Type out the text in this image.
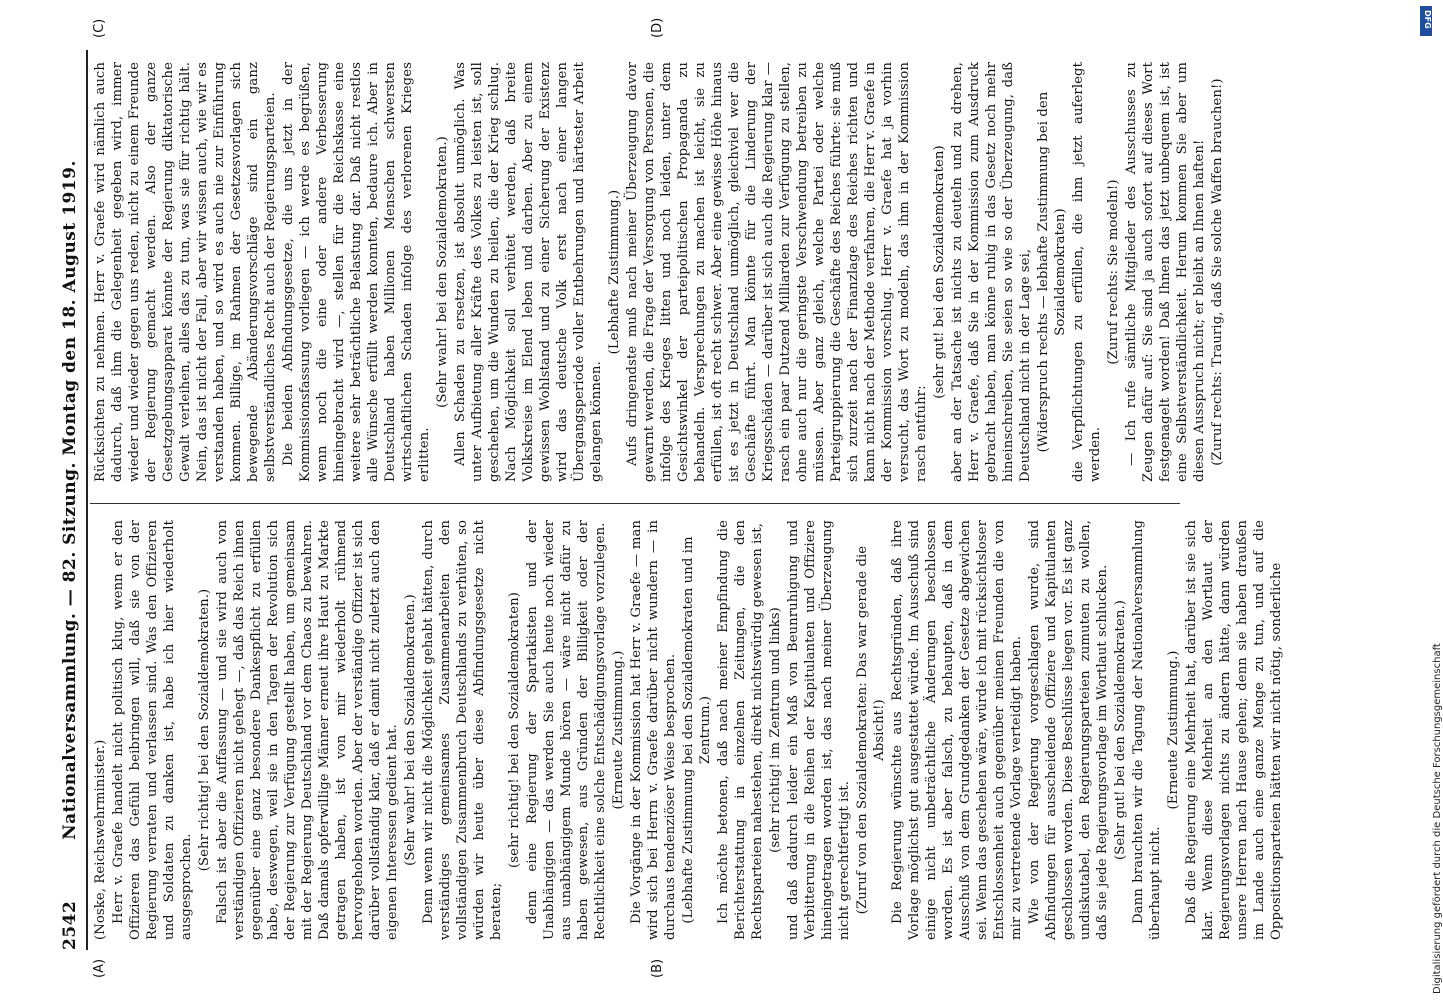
2542
Nationalversammlung. — 82. Sitzung. Montag den 18. August 1919.
(A)	(B)
(C)	(D)

(Noske, Reichswehrminister.) Herr v. Graefe handelt nicht politisch klug, wenn er den Offizieren das Gefühl beibringen will, daß sie von der Regierung verraten und verlassen sind. Was den Offizieren und Soldaten zu danken ist, habe ich hier wiederholt ausgesprochen.

(Sehr richtig! bei den Sozialdemokraten.) Falsch ist aber die Auffassung — und sie wird auch von verständigen Offizieren nicht gehegt —, daß das Reich ihnen gegenüber eine ganz besondere Dankespflicht zu erfüllen habe, deswegen, weil sie in den Tagen der Revolution sich der Regierung zur Verfügung gestellt haben, um gemeinsam mit der Regierung Deutschland vor dem Chaos zu bewahren. Daß damals opferwillige Männer erneut ihre Haut zu Markte getragen haben, ist von mir wiederholt rühmend hervorgehoben worden. Aber der verständige Offizier ist sich darüber vollständig klar, daß er damit nicht zuletzt auch den eigenen Interessen gedient hat. (Sehr wahr! bei den Sozialdemokraten.) Denn wenn wir nicht die Möglichkeit gehabt hätten, durch verständiges gemeinsames Zusammenarbeiten den vollständigen Zusammenbruch Deutschlands zu verhüten, so würden wir heute über diese Abfindungsgesetze nicht beraten;

(sehr richtig! bei den Sozialdemokraten) denn eine Regierung der Spartakisten und der Unabhängigen — das werden Sie auch heute noch wieder aus unabhängigem Munde hören — wäre nicht dafür zu haben gewesen, aus Gründen der Billigkeit oder der Rechtlichkeit eine solche Entschädigungsvorlage vorzulegen. (Erneute Zustimmung.) Die Vorgänge in der Kommission hat Herr v. Graefe — man wird sich bei Herrn v. Graefe darüber nicht wundern — in durchaus tendenziöser Weise besprochen. (Lebhafte Zustimmung bei den Sozialdemokraten und im Zentrum.) Ich möchte betonen, daß nach meiner Empfindung die Berichterstattung in einzelnen Zeitungen, die den Rechtsparteien nahestehen, direkt nichtswürdig gewesen ist, (sehr richtig! im Zentrum und links) und daß dadurch leider ein Maß von Beunruhigung und Verbitterung in die Reihen der Kapitulanten und Offiziere hineingetragen worden ist, das nach meiner Überzeugung nicht gerechtfertigt ist. (Zuruf von den Sozialdemokraten: Das war gerade die Absicht!) Die Regierung wünschte aus Rechtsgründen, daß ihre Vorlage möglichst gut ausgestattet würde. Im Ausschuß sind einige nicht unbeträchtliche Änderungen beschlossen worden. Es ist aber falsch, zu behaupten, daß in dem Ausschuß von dem Grundgedanken der Gesetze abgewichen sei. Wenn das geschehen wäre, würde ich mit rücksichtsloser Entschlossenheit auch gegenüber meinen Freunden die von mir zu vertretende Vorlage verteidigt haben. Wie von der Regierung vorgeschlagen wurde, sind Abfindungen für ausscheidende Offiziere und Kapitulanten geschlossen worden. Diese Beschlüsse liegen vor. Es ist ganz undiskutabel, den Regierungsparteien zumuten zu wollen, daß sie jede Regierungsvorlage im Wortlaut schlucken. (Sehr gut! bei den Sozialdemokraten.) Dann brauchten wir die Tagung der Nationalversammlung überhaupt nicht.

(Erneute Zustimmung.) Daß die Regierung eine Mehrheit hat, darüber ist sie sich klar. Wenn diese Mehrheit an den Wortlaut der Regierungsvorlagen nichts zu ändern hätte, dann würden unsere Herren nach Hause gehen; denn sie haben draußen im Lande auch eine ganze Menge zu tun, und auf die Oppositionsparteien hätten wir nicht nötig, sonderliche

Rücksichten zu nehmen. Herr v. Graefe wird nämlich auch dadurch, daß ihm die Gelegenheit gegeben wird, immer wieder und wieder gegen uns reden, nicht zu einem Freunde der Regierung gemacht werden. Also der ganze Gesetzgebungsapparat könnte der Regierung diktatorische Gewalt verleihen, alles das zu tun, was sie für richtig hält. Nein, das ist nicht der Fall, aber wir wissen auch, wie wir es verstanden haben, und so wird es auch nie zur Einführung kommen. Billige, im Rahmen der Gesetzesvorlagen sich bewegende Abänderungsvorschläge sind ein ganz selbstverständliches Recht auch der Regierungsparteien. Die beiden Abfindungsgesetze, die uns jetzt in der Kommissionsfassung vorliegen — ich werde es begrüßen, wenn noch die eine oder andere Verbesserung hineingebracht wird —, stellen für die Reichskasse eine weitere sehr beträchtliche Belastung dar. Daß nicht restlos alle Wünsche erfüllt werden konnten, bedaure ich. Aber in Deutschland haben Millionen Menschen schwersten wirtschaftlichen Schaden infolge des verlorenen Krieges erlitten.

(Sehr wahr! bei den Sozialdemokraten.) Allen Schaden zu ersetzen, ist absolut unmöglich. Was unter Aufbietung aller Kräfte des Volkes zu leisten ist, soll geschehen, um die Wunden zu heilen, die der Krieg schlug. Nach Möglichkeit soll verhütet werden, daß breite Volkskreise im Elend leben und darben. Aber zu einem gewissen Wohlstand und zu einer Sicherung der Existenz wird das deutsche Volk erst nach einer langen Übergangsperiode voller Entbehrungen und härtester Arbeit gelangen können.

(Lebhafte Zustimmung.) Aufs dringendste muß nach meiner Überzeugung davor gewarnt werden, die Frage der Versorgung von Personen, die infolge des Krieges litten und noch leiden, unter dem Gesichtswinkel der parteipolitischen Propaganda zu behandeln. Versprechungen zu machen ist leicht, sie zu erfüllen, ist oft recht schwer. Aber eine gewisse Höhe hinaus ist es jetzt in Deutschland unmöglich, gleichviel wer die Geschäfte führt. Man könnte für die Linderung der Kriegsschäden — darüber ist sich auch die Regierung klar — rasch ein paar Dutzend Milliarden zur Verfügung zu stellen, ohne auch nur die geringste Verschwendung betreiben zu müssen. Aber ganz gleich, welche Partei oder welche Parteigruppierung die Geschäfte des Reiches führte: sie muß sich zurzeit nach der Finanzlage des Reiches richten und kann nicht nach der Methode verfahren, die Herr v. Graefe in der Kommission vorschlug. Herr v. Graefe hat ja vorhin versucht, das Wort zu modeln, das ihm in der Kommission rasch entfuhr:

(sehr gut! bei den Sozialdemokraten) aber an der Tatsache ist nichts zu deuteln und zu drehen, Herr v. Graefe, daß Sie in der Kommission zum Ausdruck gebracht haben, man könne ruhig in das Gesetz noch mehr hineinschreiben, Sie seien so wie so der Überzeugung, daß Deutschland nicht in der Lage sei, (Widerspruch rechts — lebhafte Zustimmung bei den Sozialdemokraten) die Verpflichtungen zu erfüllen, die ihm jetzt auferlegt werden.

(Zuruf rechts: Sie modeln!) — Ich rufe sämtliche Mitglieder des Ausschusses zu Zeugen dafür auf: Sie sind ja auch sofort auf dieses Wort festgenagelt worden! Daß Ihnen das jetzt unbequem ist, ist eine Selbstverständlichkeit. Herum kommen Sie aber um diesen Ausspruch nicht; er bleibt an Ihnen haften! (Zuruf rechts: Traurig, daß Sie solche Waffen brauchen!)

DFG
Digitalisierung gefördert durch die Deutsche Forschungsgemeinschaft
